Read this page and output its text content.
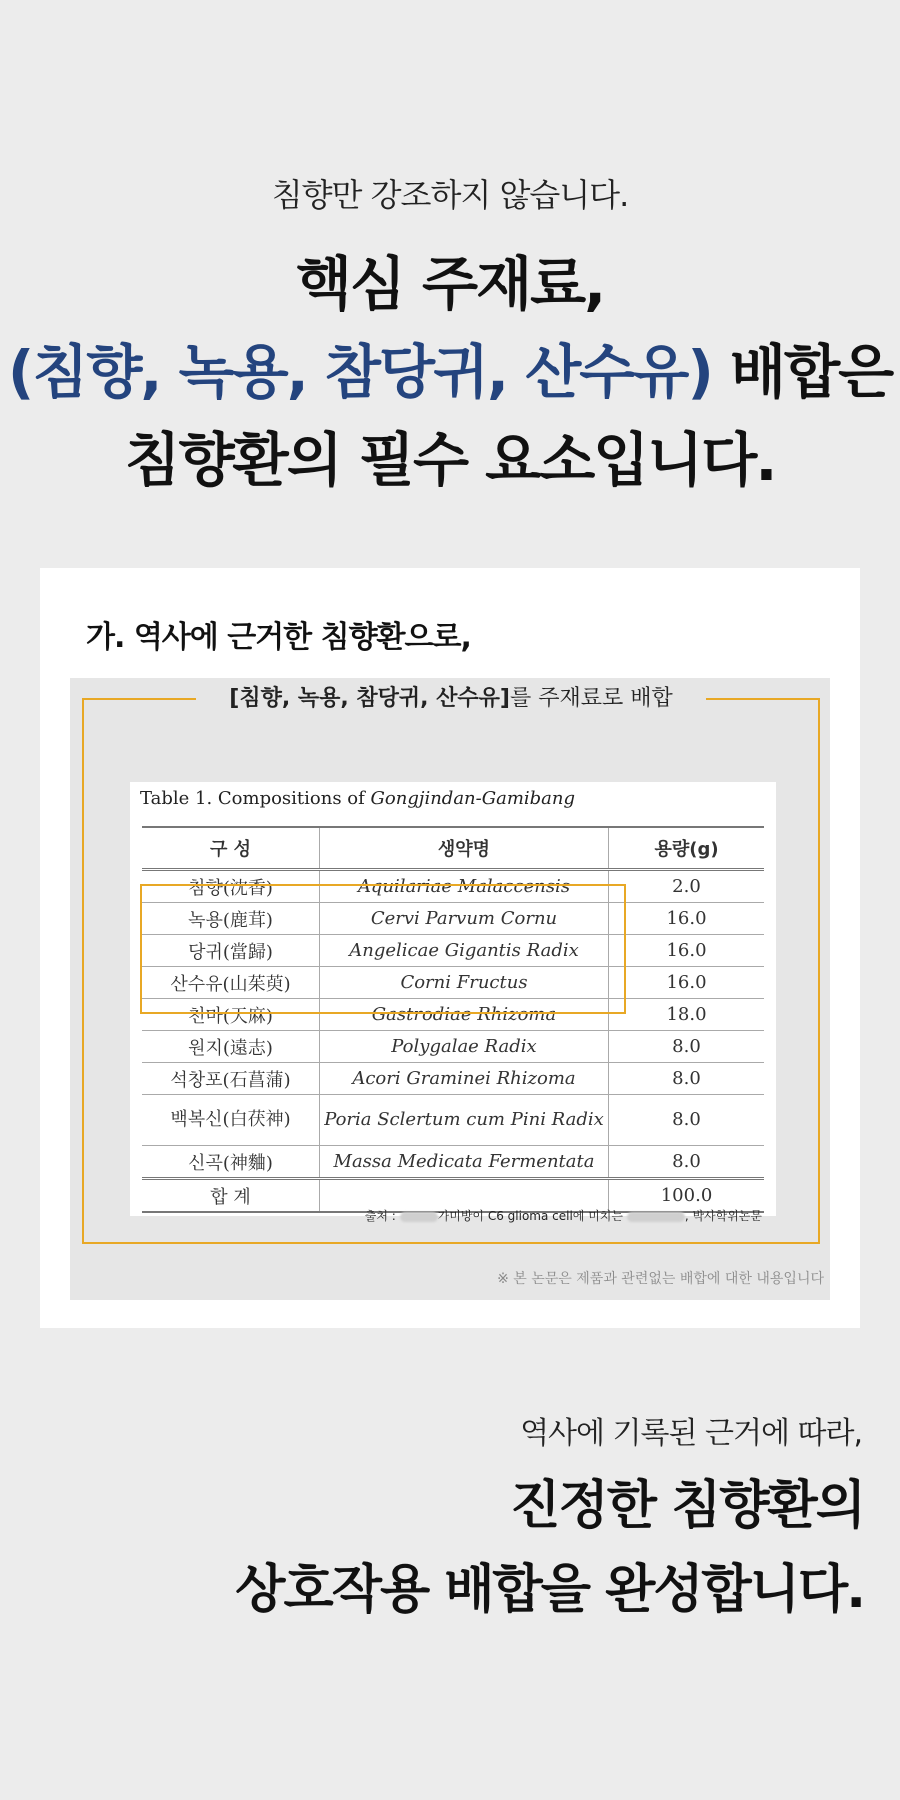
침향만 강조하지 않습니다.
핵심 주재료,
(침향, 녹용, 참당귀, 산수유) 배합은
침향환의 필수 요소입니다.
가. 역사에 근거한 침향환으로,
[침향, 녹용, 참당귀, 산수유]를 주재료로 배합
Table 1. Compositions of Gongjindan-Gamibang
구 성	생약명	용량(g)
침향(沈香)	Aquilariae Malaccensis	2.0
녹용(鹿茸)	Cervi Parvum Cornu	16.0
당귀(當歸)	Angelicae Gigantis Radix	16.0
산수유(山茱萸)	Corni Fructus	16.0
천마(天麻)	Gastrodiae Rhizoma	18.0
원지(遠志)	Polygalae Radix	8.0
석창포(石菖蒲)	Acori Graminei Rhizoma	8.0
백복신(白茯神)	Poria Sclertum cum Pini Radix	8.0
신곡(神麯)	Massa Medicata Fermentata	8.0
합 계		100.0
출처 :	가미방이 C6 glioma cell에 미치는	, 박사학위논문
※ 본 논문은 제품과 관련없는 배합에 대한 내용입니다
역사에 기록된 근거에 따라,
진정한 침향환의
상호작용 배합을 완성합니다.
